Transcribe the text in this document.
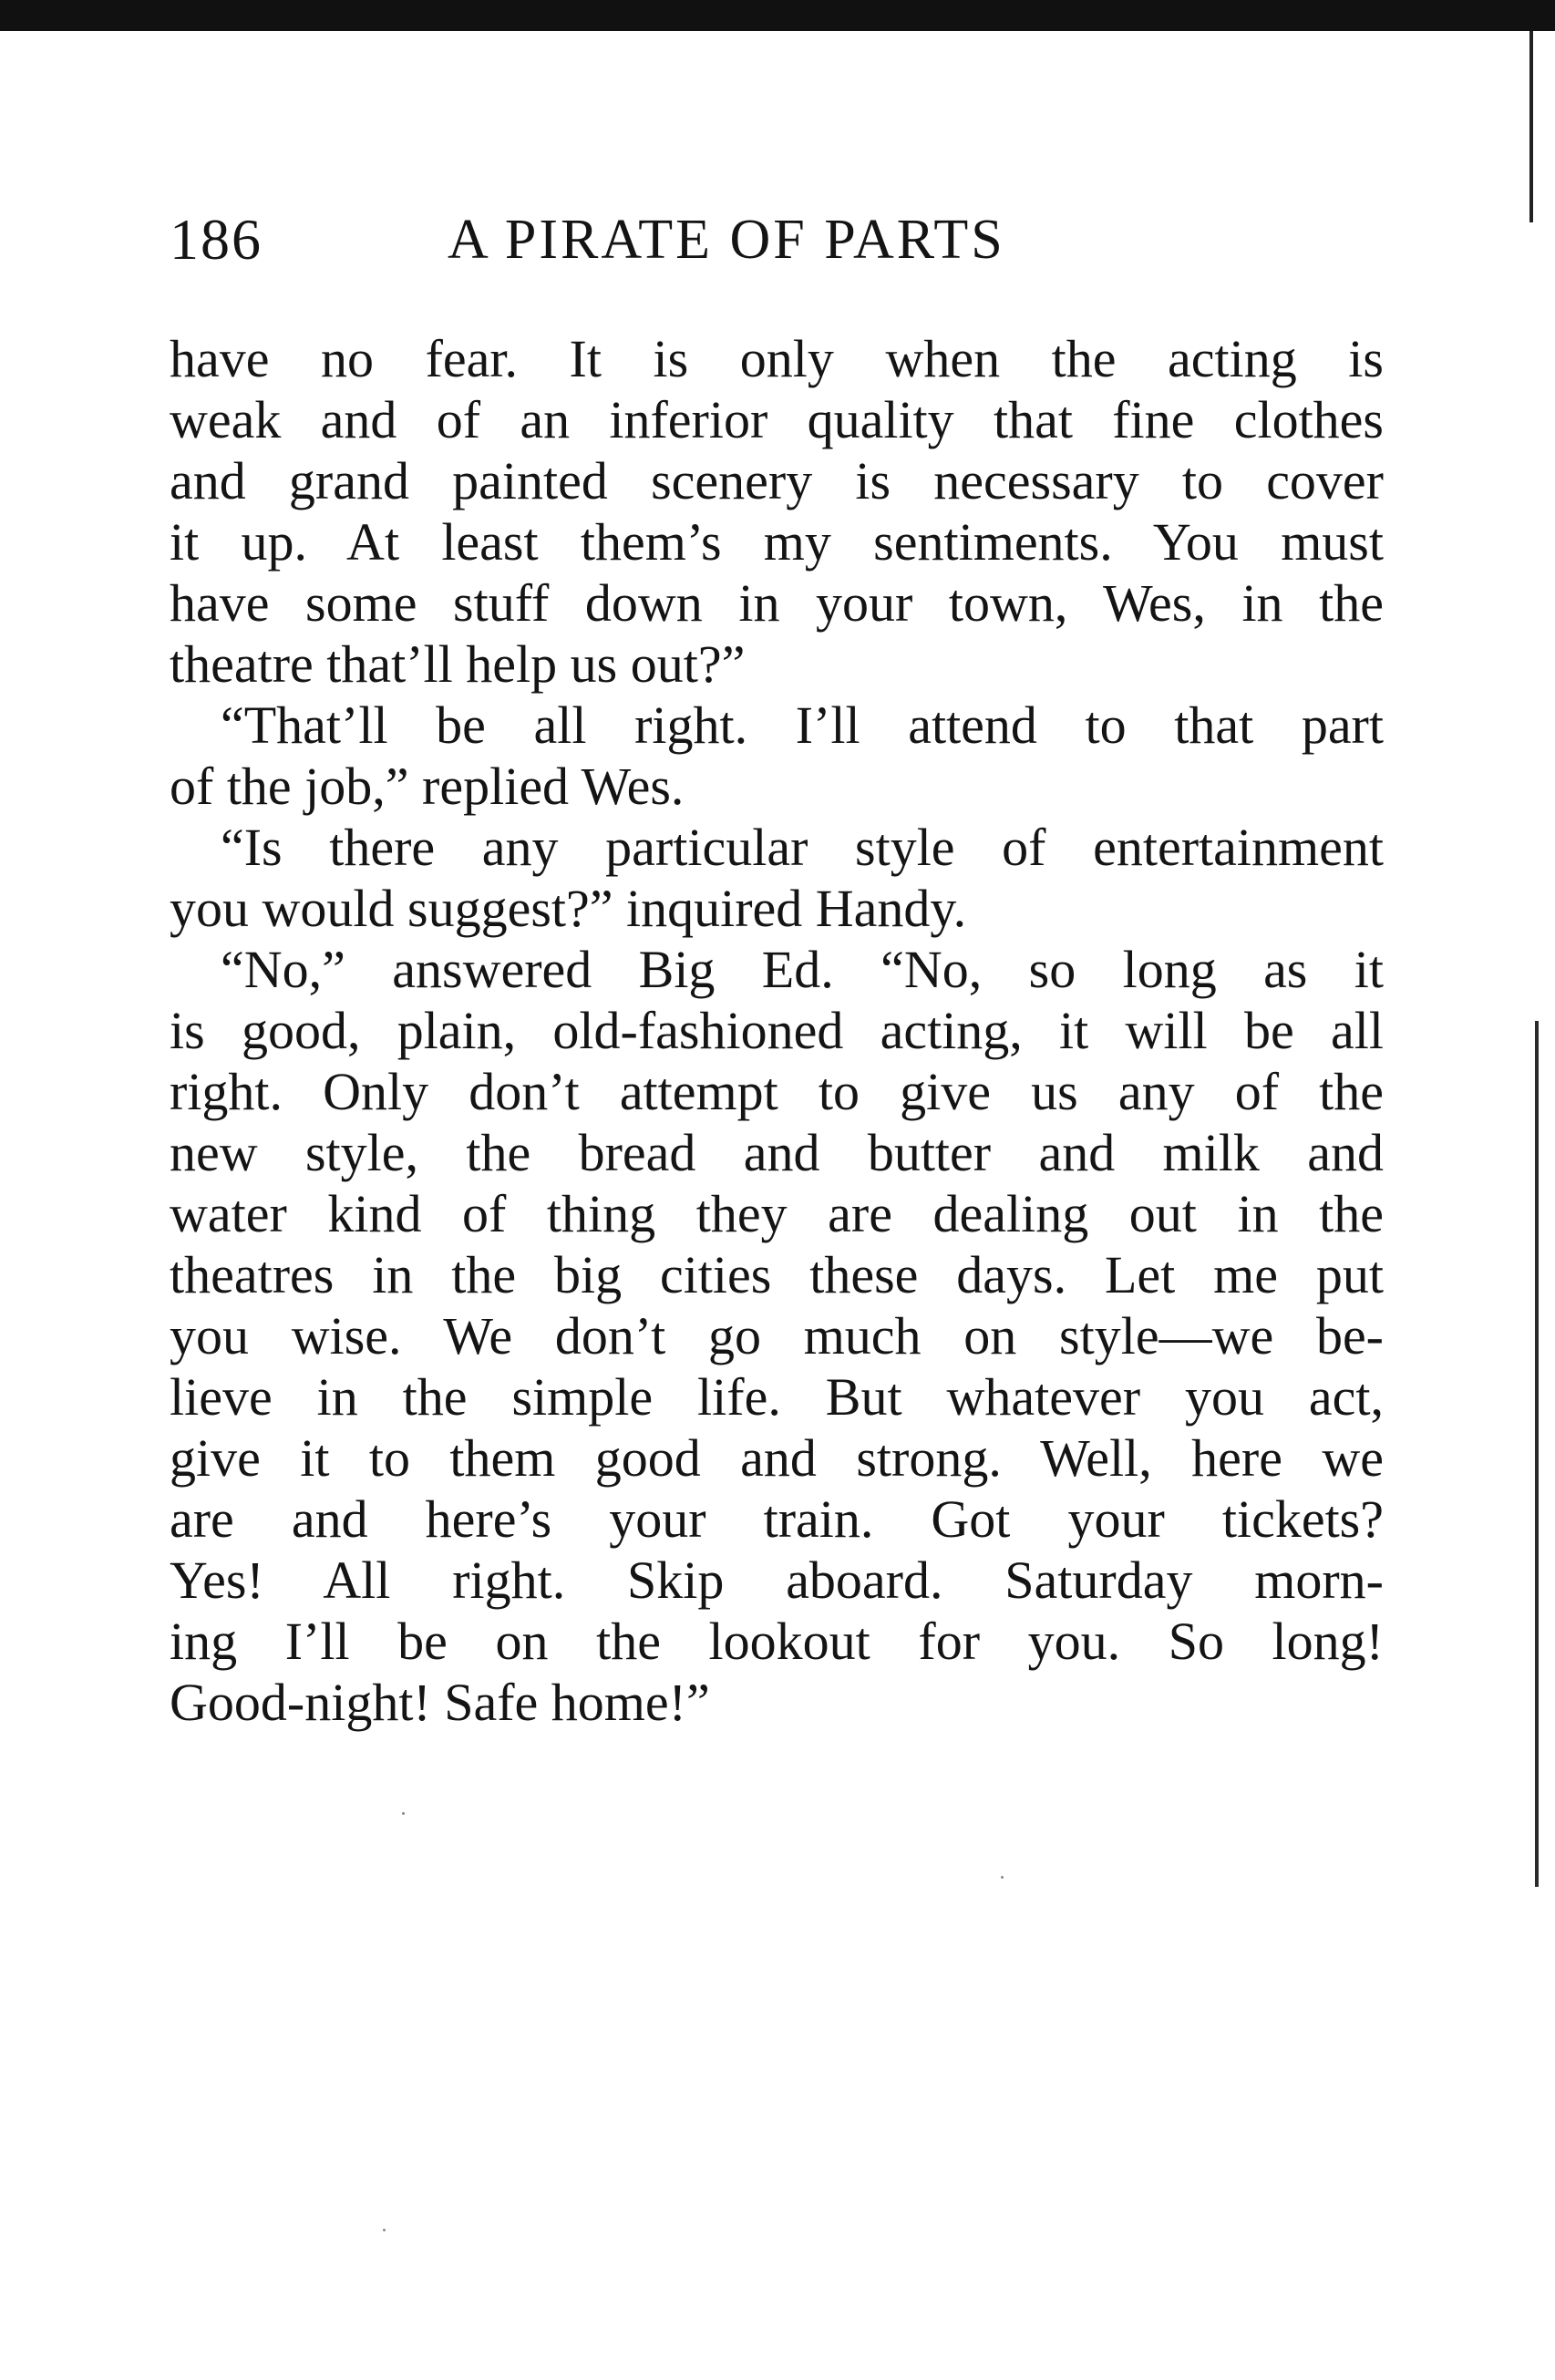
186	A PIRATE OF PARTS
have no fear. It is only when the acting is
weak and of an inferior quality that fine clothes
and grand painted scenery is necessary to cover
it up. At least them’s my sentiments. You must
have some stuff down in your town, Wes, in the
theatre that’ll help us out?”
“That’ll be all right. I’ll attend to that part
of the job,” replied Wes.
“Is there any particular style of entertainment
you would suggest?” inquired Handy.
“No,” answered Big Ed. “No, so long as it
is good, plain, old-fashioned acting, it will be all
right. Only don’t attempt to give us any of the
new style, the bread and butter and milk and
water kind of thing they are dealing out in the
theatres in the big cities these days. Let me put
you wise. We don’t go much on style—we be-
lieve in the simple life. But whatever you act,
give it to them good and strong. Well, here we
are and here’s your train. Got your tickets?
Yes! All right. Skip aboard. Saturday morn-
ing I’ll be on the lookout for you. So long!
Good-night! Safe home!”
